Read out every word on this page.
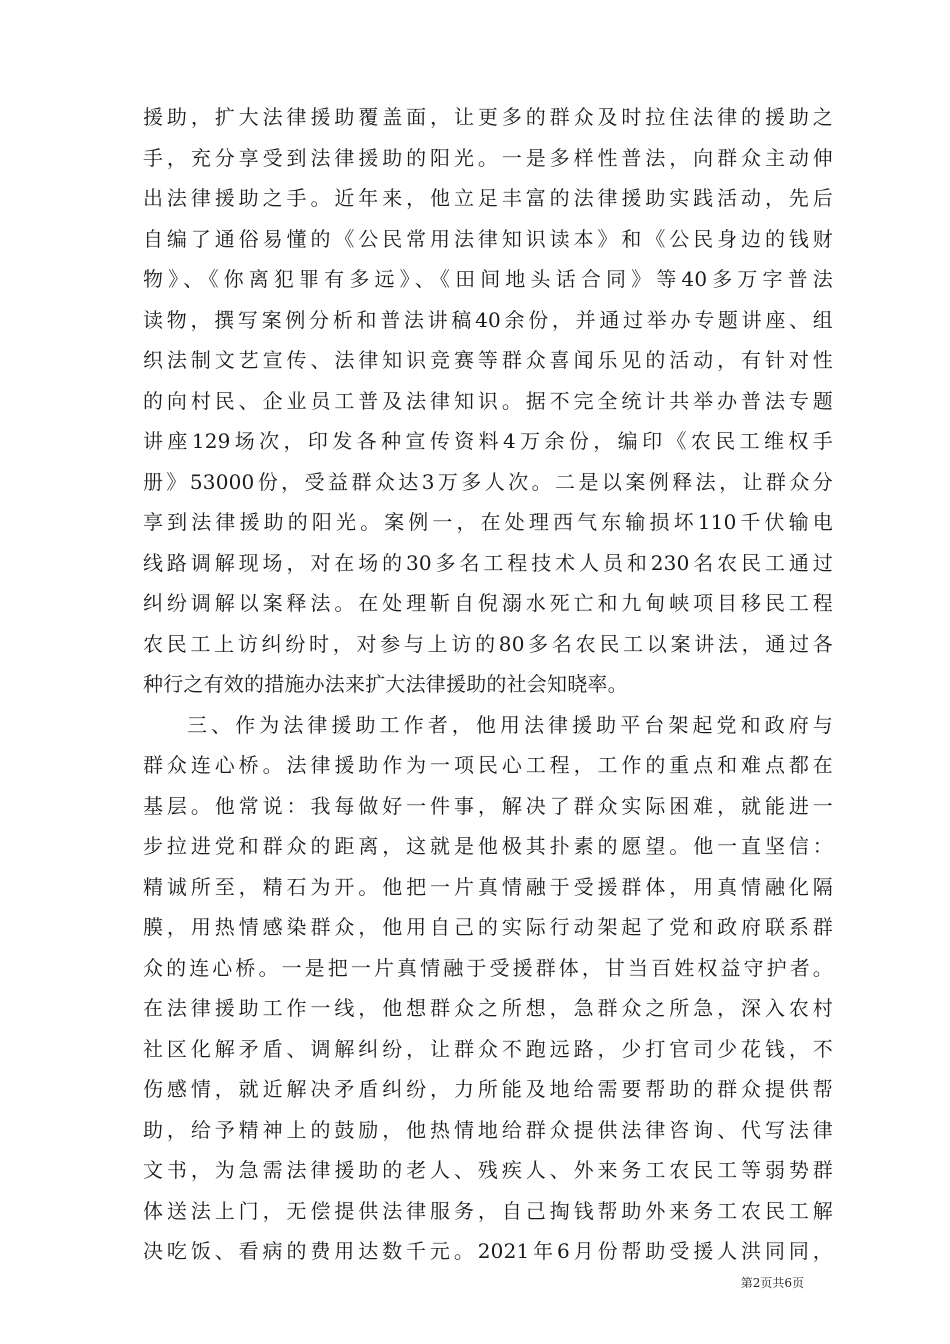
援助，扩大法律援助覆盖面，让更多的群众及时拉住法律的援助之
手，充分享受到法律援助的阳光。一是多样性普法，向群众主动伸
出法律援助之手。近年来，他立足丰富的法律援助实践活动，先后
自编了通俗易懂的《公民常用法律知识读本》和《公民身边的钱财
物》、《你离犯罪有多远》、《田间地头话合同》等40多万字普法
读物，撰写案例分析和普法讲稿40余份，并通过举办专题讲座、组
织法制文艺宣传、法律知识竞赛等群众喜闻乐见的活动，有针对性
的向村民、企业员工普及法律知识。据不完全统计共举办普法专题
讲座129场次，印发各种宣传资料4万余份，编印《农民工维权手
册》53000份，受益群众达3万多人次。二是以案例释法，让群众分
享到法律援助的阳光。案例一，在处理西气东输损坏110千伏输电
线路调解现场，对在场的30多名工程技术人员和230名农民工通过
纠纷调解以案释法。在处理靳自倪溺水死亡和九甸峡项目移民工程
农民工上访纠纷时，对参与上访的80多名农民工以案讲法，通过各
种行之有效的措施办法来扩大法律援助的社会知晓率。
三、作为法律援助工作者，他用法律援助平台架起党和政府与
群众连心桥。法律援助作为一项民心工程，工作的重点和难点都在
基层。他常说：我每做好一件事，解决了群众实际困难，就能进一
步拉进党和群众的距离，这就是他极其扑素的愿望。他一直坚信：
精诚所至，精石为开。他把一片真情融于受援群体，用真情融化隔
膜，用热情感染群众，他用自己的实际行动架起了党和政府联系群
众的连心桥。一是把一片真情融于受援群体，甘当百姓权益守护者。
在法律援助工作一线，他想群众之所想，急群众之所急，深入农村
社区化解矛盾、调解纠纷，让群众不跑远路，少打官司少花钱，不
伤感情，就近解决矛盾纠纷，力所能及地给需要帮助的群众提供帮
助，给予精神上的鼓励，他热情地给群众提供法律咨询、代写法律
文书，为急需法律援助的老人、残疾人、外来务工农民工等弱势群
体送法上门，无偿提供法律服务，自己掏钱帮助外来务工农民工解
决吃饭、看病的费用达数千元。2021年6月份帮助受援人洪同同，
第2页共6页
